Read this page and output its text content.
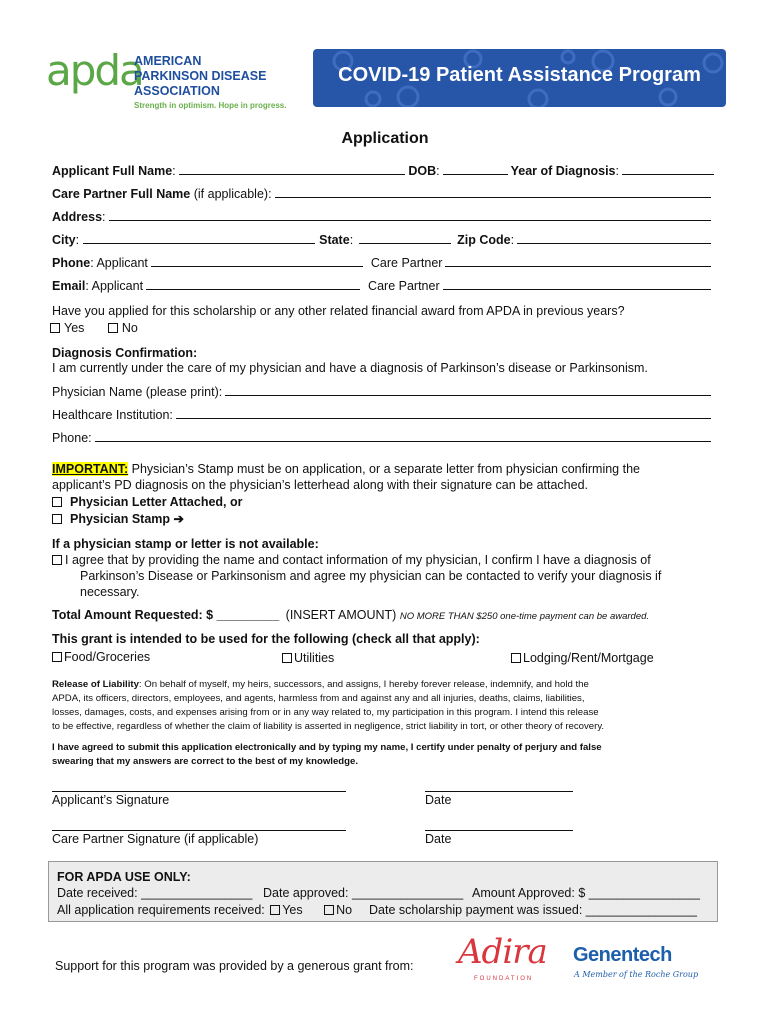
apda
AMERICAN
PARKINSON DISEASE
ASSOCIATION
Strength in optimism. Hope in progress.
COVID-19 Patient Assistance Program
Application
Applicant Full Name :	DOB :	Year of Diagnosis :
Care Partner Full Name
(if applicable):
Address :
City :	State :	Zip Code :
Phone : Applicant	Care Partner
Email : Applicant	Care Partner
Have you applied for this scholarship or any other related financial award from APDA in previous years?
Yes	No
Diagnosis Confirmation:
I am currently under the care of my physician and have a diagnosis of Parkinson’s disease or Parkinsonism.
Physician Name (please print):
Healthcare Institution:
Phone:
IMPORTANT: Physician’s Stamp must be on application, or a separate letter from physician confirming the
applicant’s PD diagnosis on the physician’s letterhead along with their signature can be attached.
Physician Letter Attached, or
Physician Stamp ➔
If a physician stamp or letter is not available:
I agree that by providing the name and contact information of my physician, I confirm I have a diagnosis of
Parkinson’s Disease or Parkinsonism and agree my physician can be contacted to verify your diagnosis if
necessary.
Total Amount Requested: $ _________ (INSERT AMOUNT) NO MORE THAN $250 one-time payment can be awarded.
This grant is intended to be used for the following (check all that apply):
Food/Groceries	Utilities	Lodging/Rent/Mortgage
Release of Liability: On behalf of myself, my heirs, successors, and assigns, I hereby forever release, indemnify, and hold the
APDA, its officers, directors, employees, and agents, harmless from and against any and all injuries, deaths, claims, liabilities,
losses, damages, costs, and expenses arising from or in any way related to, my participation in this program. I intend this release
to be effective, regardless of whether the claim of liability is asserted in negligence, strict liability in tort, or other theory of recovery.
I have agreed to submit this application electronically and by typing my name, I certify under penalty of perjury and false
swearing that my answers are correct to the best of my knowledge.
Applicant’s Signature	Date
Care Partner Signature (if applicable)	Date
FOR APDA USE ONLY:
Date received: ________________ Date approved: ________________ Amount Approved: $ ________________
All application requirements received: Yes	No Date scholarship payment was issued: ________________
Support for this program was provided by a generous grant from: Adira
FOUNDATION
Genentech
A Member of the Roche Group
